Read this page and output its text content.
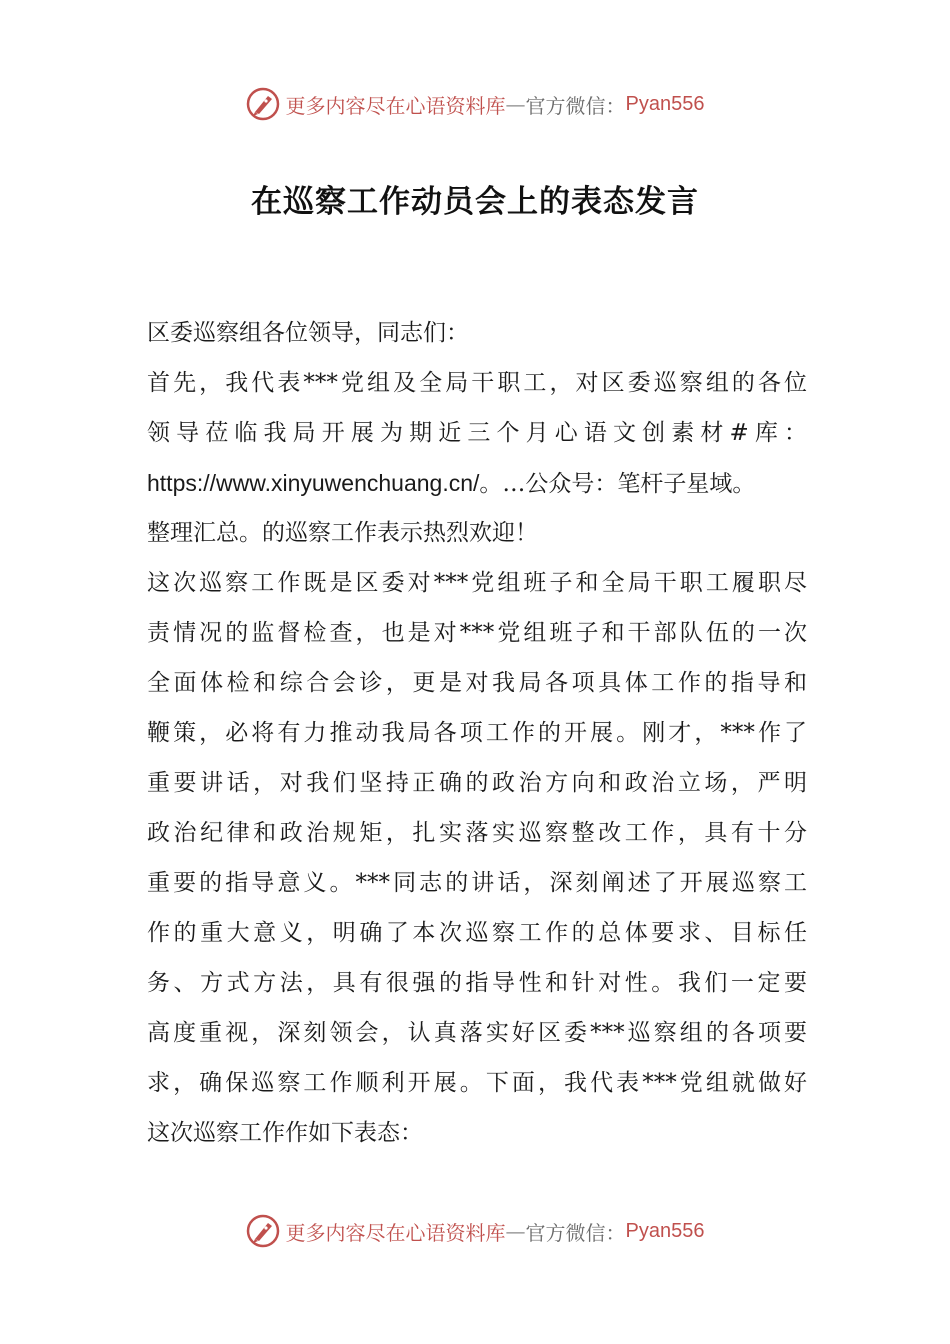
更多内容尽在心语资料库 — 官方微信： Pyan556
在巡察工作动员会上的表态发言
区委巡察组各位领导，同志们：
首先，我代表***党组及全局干职工，对区委巡察组的各位
领导莅临我局开展为期近三个月心语文创素材#库：
https://www.xinyuwenchuang.cn/。…公众号：笔杆子星域。
整理汇总。的巡察工作表示热烈欢迎！
这次巡察工作既是区委对***党组班子和全局干职工履职尽
责情况的监督检查，也是对***党组班子和干部队伍的一次
全面体检和综合会诊，更是对我局各项具体工作的指导和
鞭策，必将有力推动我局各项工作的开展。刚才，***作了
重要讲话，对我们坚持正确的政治方向和政治立场，严明
政治纪律和政治规矩，扎实落实巡察整改工作，具有十分
重要的指导意义。***同志的讲话，深刻阐述了开展巡察工
作的重大意义，明确了本次巡察工作的总体要求、目标任
务、方式方法，具有很强的指导性和针对性。我们一定要
高度重视，深刻领会，认真落实好区委***巡察组的各项要
求，确保巡察工作顺利开展。下面，我代表***党组就做好
这次巡察工作作如下表态：
更多内容尽在心语资料库 — 官方微信： Pyan556
